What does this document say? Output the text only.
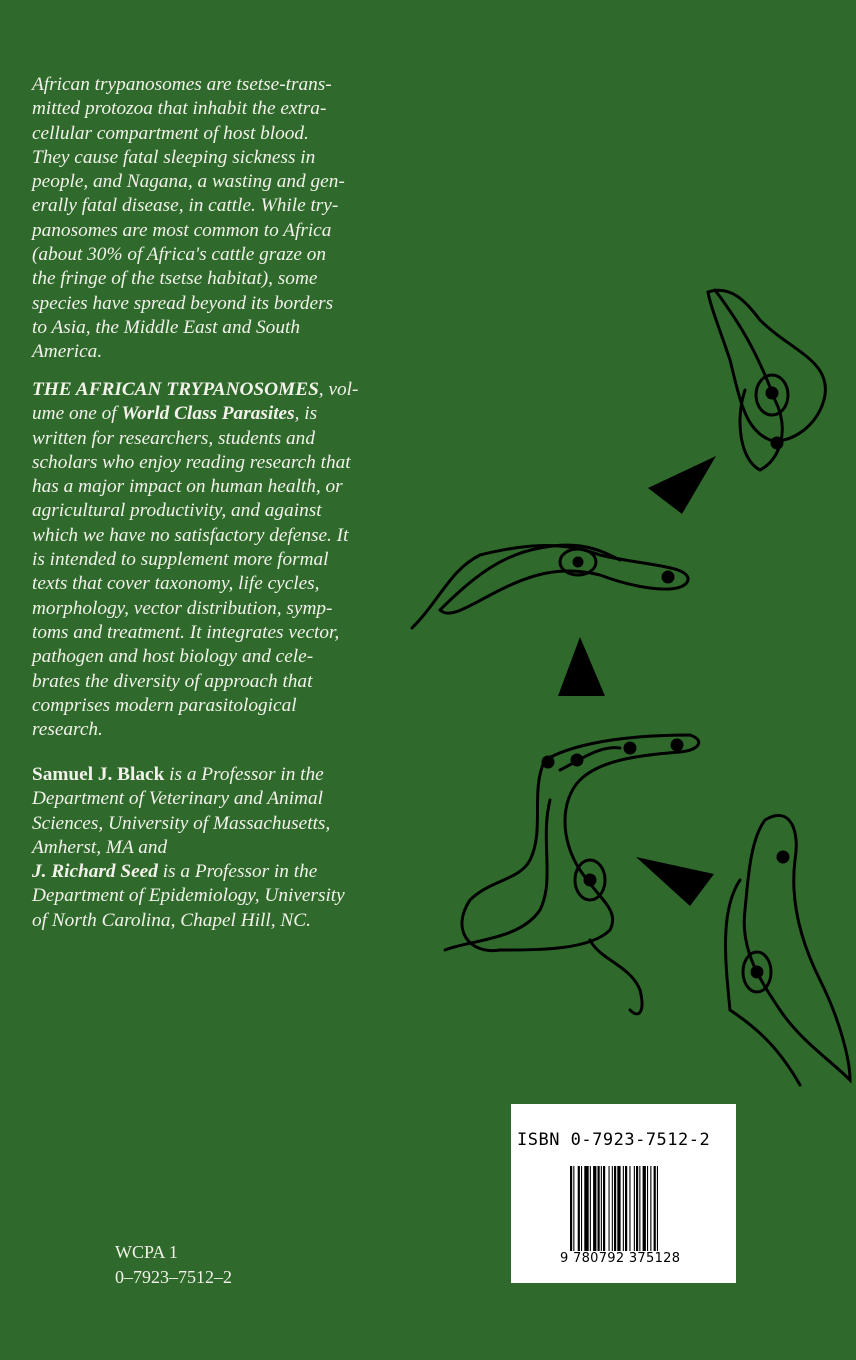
African trypanosomes are tsetse-trans-
mitted protozoa that inhabit the extra-
cellular compartment of host blood.
They cause fatal sleeping sickness in
people, and Nagana, a wasting and gen-
erally fatal disease, in cattle. While try-
panosomes are most common to Africa
(about 30% of Africa's cattle graze on
the fringe of the tsetse habitat), some
species have spread beyond its borders
to Asia, the Middle East and South
America.
THE AFRICAN TRYPANOSOMES, vol-
ume one of World Class Parasites, is
written for researchers, students and
scholars who enjoy reading research that
has a major impact on human health, or
agricultural productivity, and against
which we have no satisfactory defense. It
is intended to supplement more formal
texts that cover taxonomy, life cycles,
morphology, vector distribution, symp-
toms and treatment. It integrates vector,
pathogen and host biology and cele-
brates the diversity of approach that
comprises modern parasitological
research.
Samuel J. Black is a Professor in the
Department of Veterinary and Animal
Sciences, University of Massachusetts,
Amherst, MA and
J. Richard Seed is a Professor in the
Department of Epidemiology, University
of North Carolina, Chapel Hill, NC.
ISBN 0-7923-7512-2
9 780792 375128
WCPA 1
0–7923–7512–2
